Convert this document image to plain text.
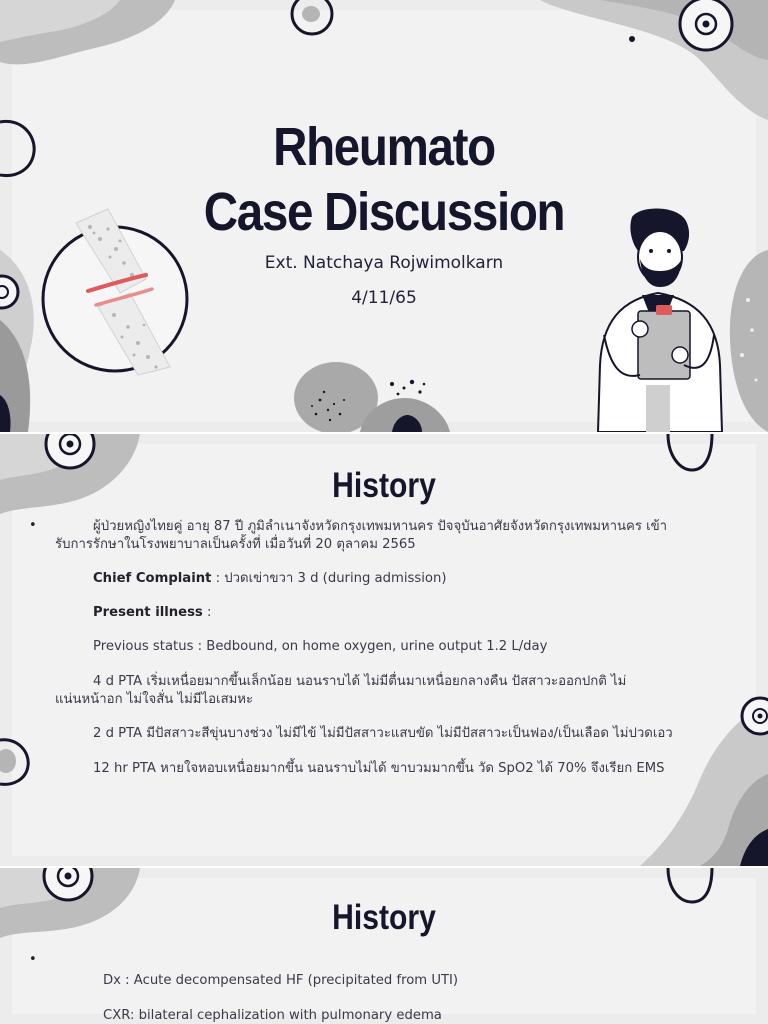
Rheumato
Case Discussion
Ext. Natchaya Rojwimolkarn
4/11/65
History
•	ผู้ป่วยหญิงไทยคู่ อายุ 87 ปี ภูมิลำเนาจังหวัดกรุงเทพมหานคร ปัจจุบันอาศัยจังหวัดกรุงเทพมหานคร เข้า
รับการรักษาในโรงพยาบาลเป็นครั้งที่ เมื่อวันที่ 20 ตุลาคม 2565
Chief Complaint : ปวดเข่าขวา 3 d (during admission)
Present illness :
Previous status : Bedbound, on home oxygen, urine output 1.2 L/day
4 d PTA เริ่มเหนื่อยมากขึ้นเล็กน้อย นอนราบได้ ไม่มีตื่นมาเหนื่อยกลางคืน ปัสสาวะออกปกติ ไม่
แน่นหน้าอก ไม่ใจสั่น ไม่มีไอเสมหะ
2 d PTA มีปัสสาวะสีขุ่นบางช่วง ไม่มีไข้ ไม่มีปัสสาวะแสบขัด ไม่มีปัสสาวะเป็นฟอง/เป็นเลือด ไม่ปวดเอว
12 hr PTA หายใจหอบเหนื่อยมากขึ้น นอนราบไม่ได้ ขาบวมมากขึ้น วัด SpO2 ได้ 70% จึงเรียก EMS
History
•
Dx : Acute decompensated HF (precipitated from UTI)
CXR: bilateral cephalization with pulmonary edema
